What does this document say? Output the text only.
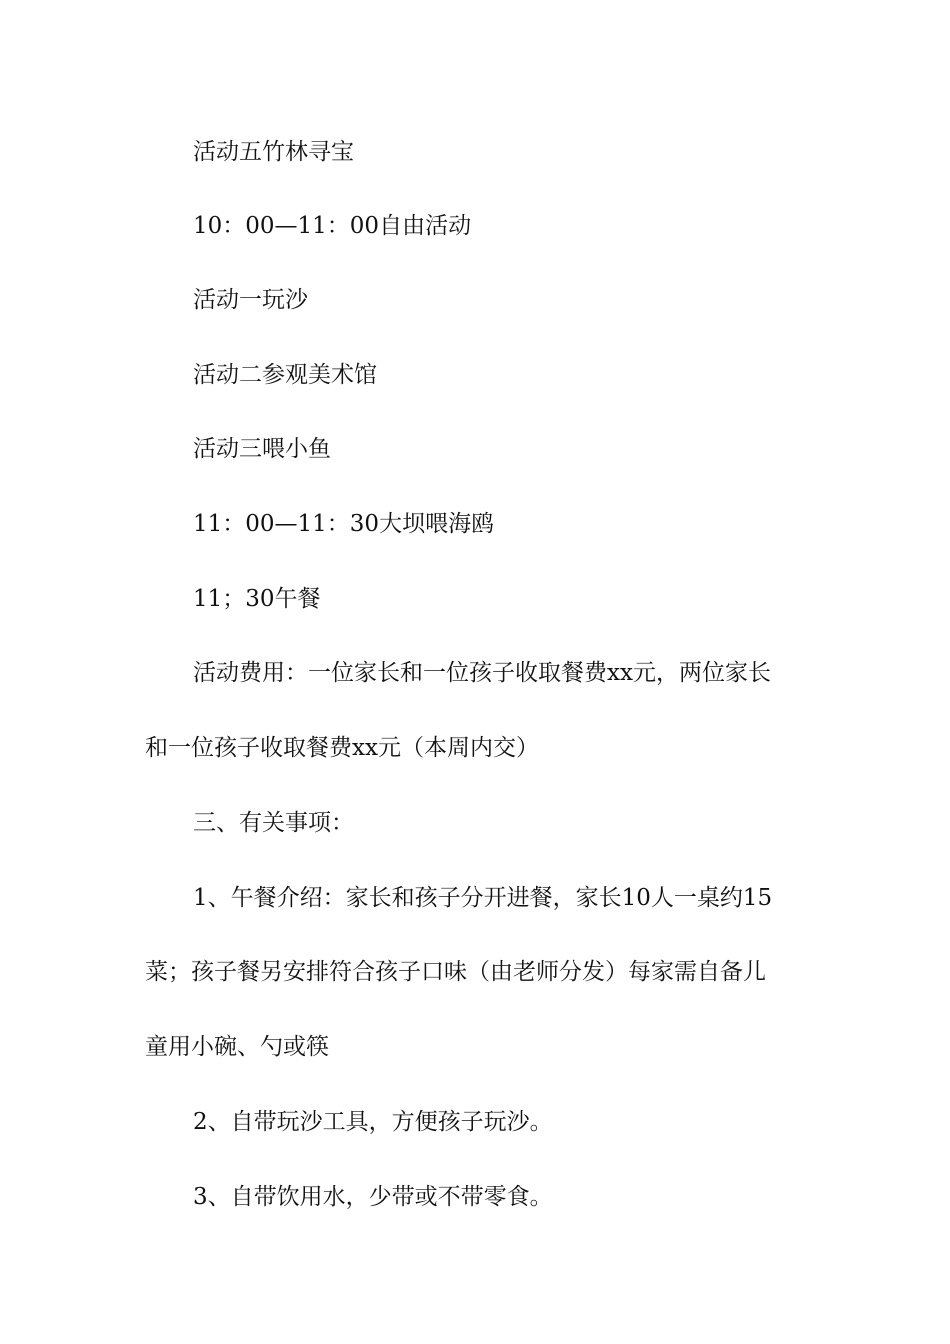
活动五竹林寻宝

10：00—11：00自由活动

活动一玩沙

活动二参观美术馆

活动三喂小鱼

11：00—11：30大坝喂海鸥

11；30午餐

活动费用：一位家长和一位孩子收取餐费xx元，两位家长

和一位孩子收取餐费xx元（本周内交）

三、有关事项：

1、午餐介绍：家长和孩子分开进餐，家长10人一桌约15

菜；孩子餐另安排符合孩子口味（由老师分发）每家需自备儿

童用小碗、勺或筷

2、自带玩沙工具，方便孩子玩沙。

3、自带饮用水，少带或不带零食。
